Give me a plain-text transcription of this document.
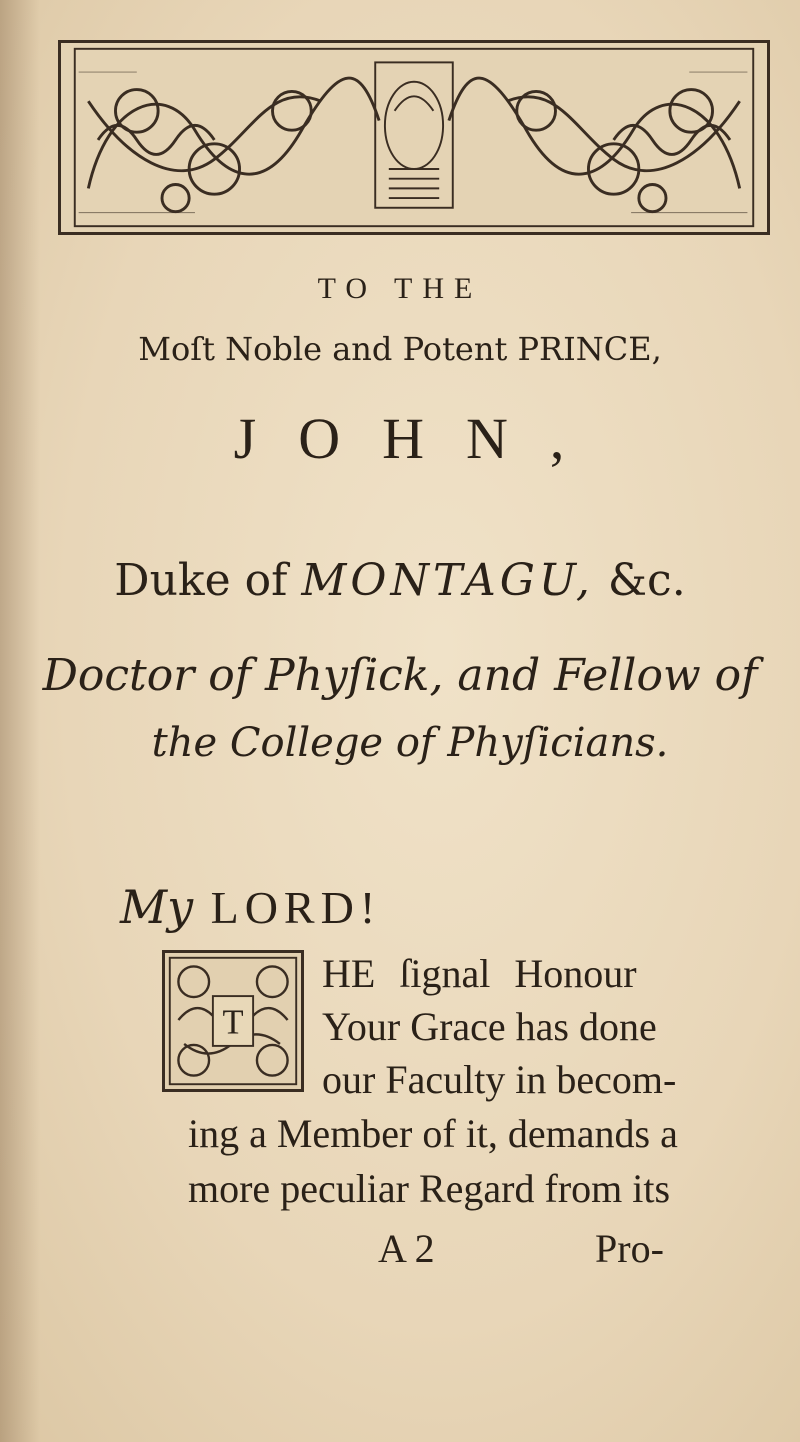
TO THE
Moſt Noble and Potent PRINCE,
JOHN,
Duke of MONTAGU, &c.
Doctor of Phyſick, and Fellow of
the College of Phyſicians.
My LORD!
T
HE ſignal Honour
Your Grace has done
our Faculty in becom-
ing a Member of it, demands a
more peculiar Regard from its
A 2	Pro-
